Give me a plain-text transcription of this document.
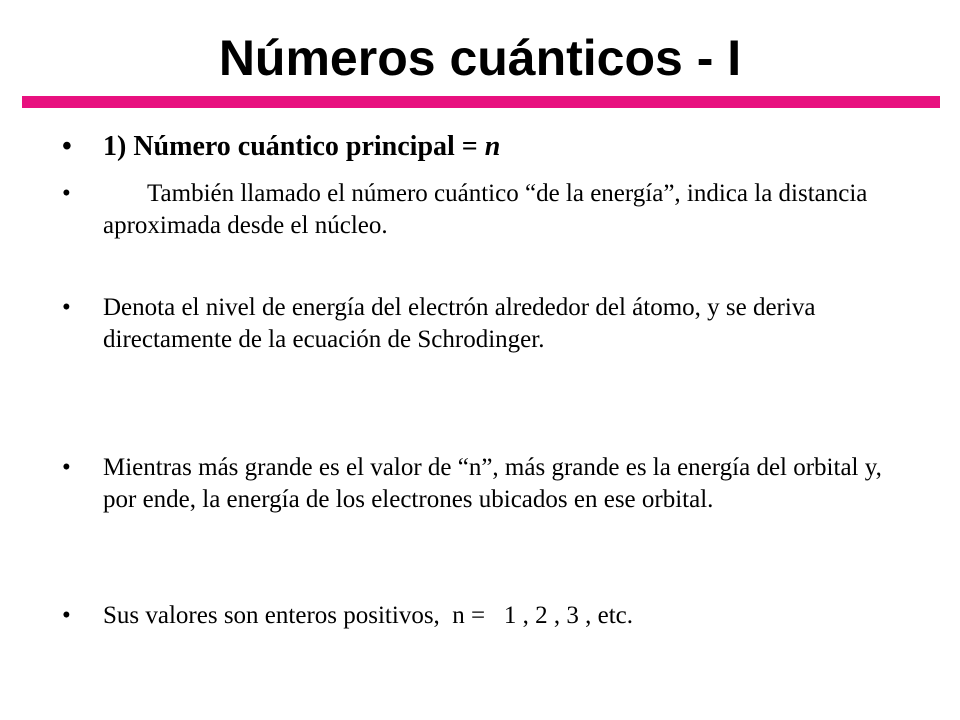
Números cuánticos - I
•	1) Número cuántico principal = n
•	También llamado el número cuántico “de la energía”, indica la distancia aproximada desde el núcleo.
•	Denota el nivel de energía del electrón alrededor del átomo, y se deriva directamente de la ecuación de Schrodinger.
•	Mientras más grande es el valor de “n”, más grande es la energía del orbital y, por ende, la energía de los electrones ubicados en ese orbital.
•	Sus valores son enteros positivos,  n =   1 , 2 , 3 , etc.
